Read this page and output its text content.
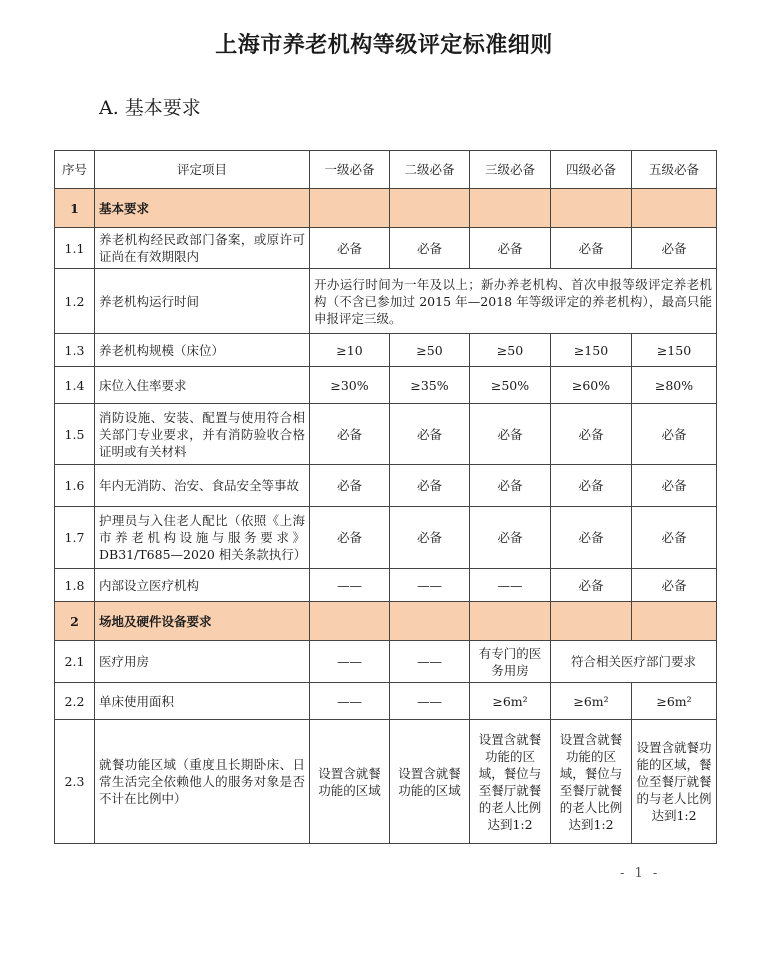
上海市养老机构等级评定标准细则
A. 基本要求
序号	评定项目	一级必备	二级必备	三级必备	四级必备	五级必备
1	基本要求					
1.1	养老机构经民政部门备案，或原许可证尚在有效期限内	必备	必备	必备	必备	必备
1.2	养老机构运行时间	开办运行时间为一年及以上；新办养老机构、首次申报等级评定养老机构（不含已参加过 2015 年—2018 年等级评定的养老机构），最高只能申报评定三级。				
1.3	养老机构规模（床位）	≥10	≥50	≥50	≥150	≥150
1.4	床位入住率要求	≥30%	≥35%	≥50%	≥60%	≥80%
1.5	消防设施、安装、配置与使用符合相关部门专业要求，并有消防验收合格证明或有关材料	必备	必备	必备	必备	必备
1.6	年内无消防、治安、食品安全等事故	必备	必备	必备	必备	必备
1.7	护理员与入住老人配比（依照《上海市养老机构设施与服务要求》DB31/T685—2020 相关条款执行）	必备	必备	必备	必备	必备
1.8	内部设立医疗机构	——	——	——	必备	必备
2	场地及硬件设备要求					
2.1	医疗用房	——	——	有专门的医务用房	符合相关医疗部门要求	
2.2	单床使用面积	——	——	≥6m²	≥6m²	≥6m²
2.3	就餐功能区域（重度且长期卧床、日常生活完全依赖他人的服务对象是否不计在比例中）	设置含就餐功能的区域	设置含就餐功能的区域	设置含就餐功能的区域，餐位与至餐厅就餐的老人比例达到1:2	设置含就餐功能的区域，餐位与至餐厅就餐的老人比例达到1:2	设置含就餐功能的区域，餐位至餐厅就餐的与老人比例达到1:2
- 1 -
